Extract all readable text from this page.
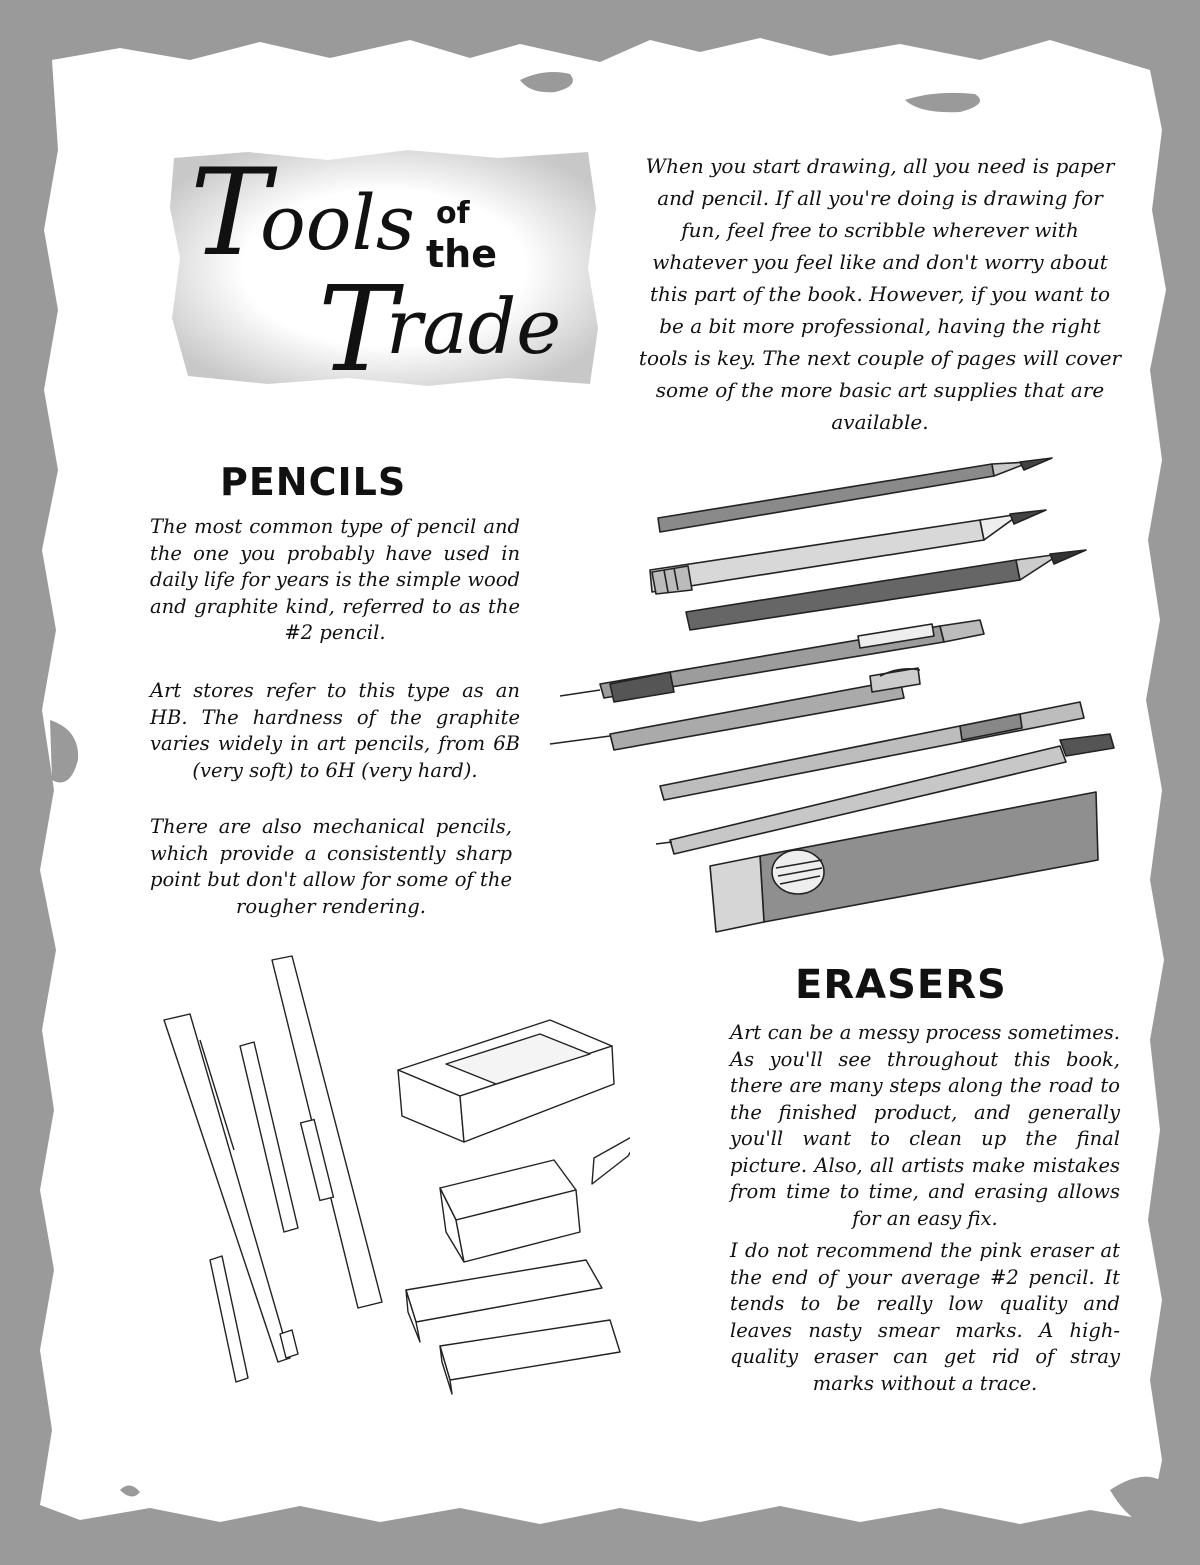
T
ools of
the
T
rade

When you start drawing, all you need is paper and pencil. If all you're doing is drawing for fun, feel free to scribble wherever with whatever you feel like and don't worry about this part of the book. However, if you want to be a bit more professional, having the right tools is key. The next couple of pages will cover some of the more basic art supplies that are available.

PENCILS

The most common type of pencil and the one you probably have used in daily life for years is the simple wood and graphite kind, referred to as the #2 pencil.

Art stores refer to this type as an HB. The hardness of the graphite varies widely in art pencils, from 6B (very soft) to 6H (very hard).

There are also mechanical pencils, which provide a consistently sharp point but don't allow for some of the rougher rendering.

ERASERS

Art can be a messy process sometimes. As you'll see throughout this book, there are many steps along the road to the finished product, and generally you'll want to clean up the final picture. Also, all artists make mistakes from time to time, and erasing allows for an easy fix.

I do not recommend the pink eraser at the end of your average #2 pencil. It tends to be really low quality and leaves nasty smear marks. A high-quality eraser can get rid of stray marks without a trace.
